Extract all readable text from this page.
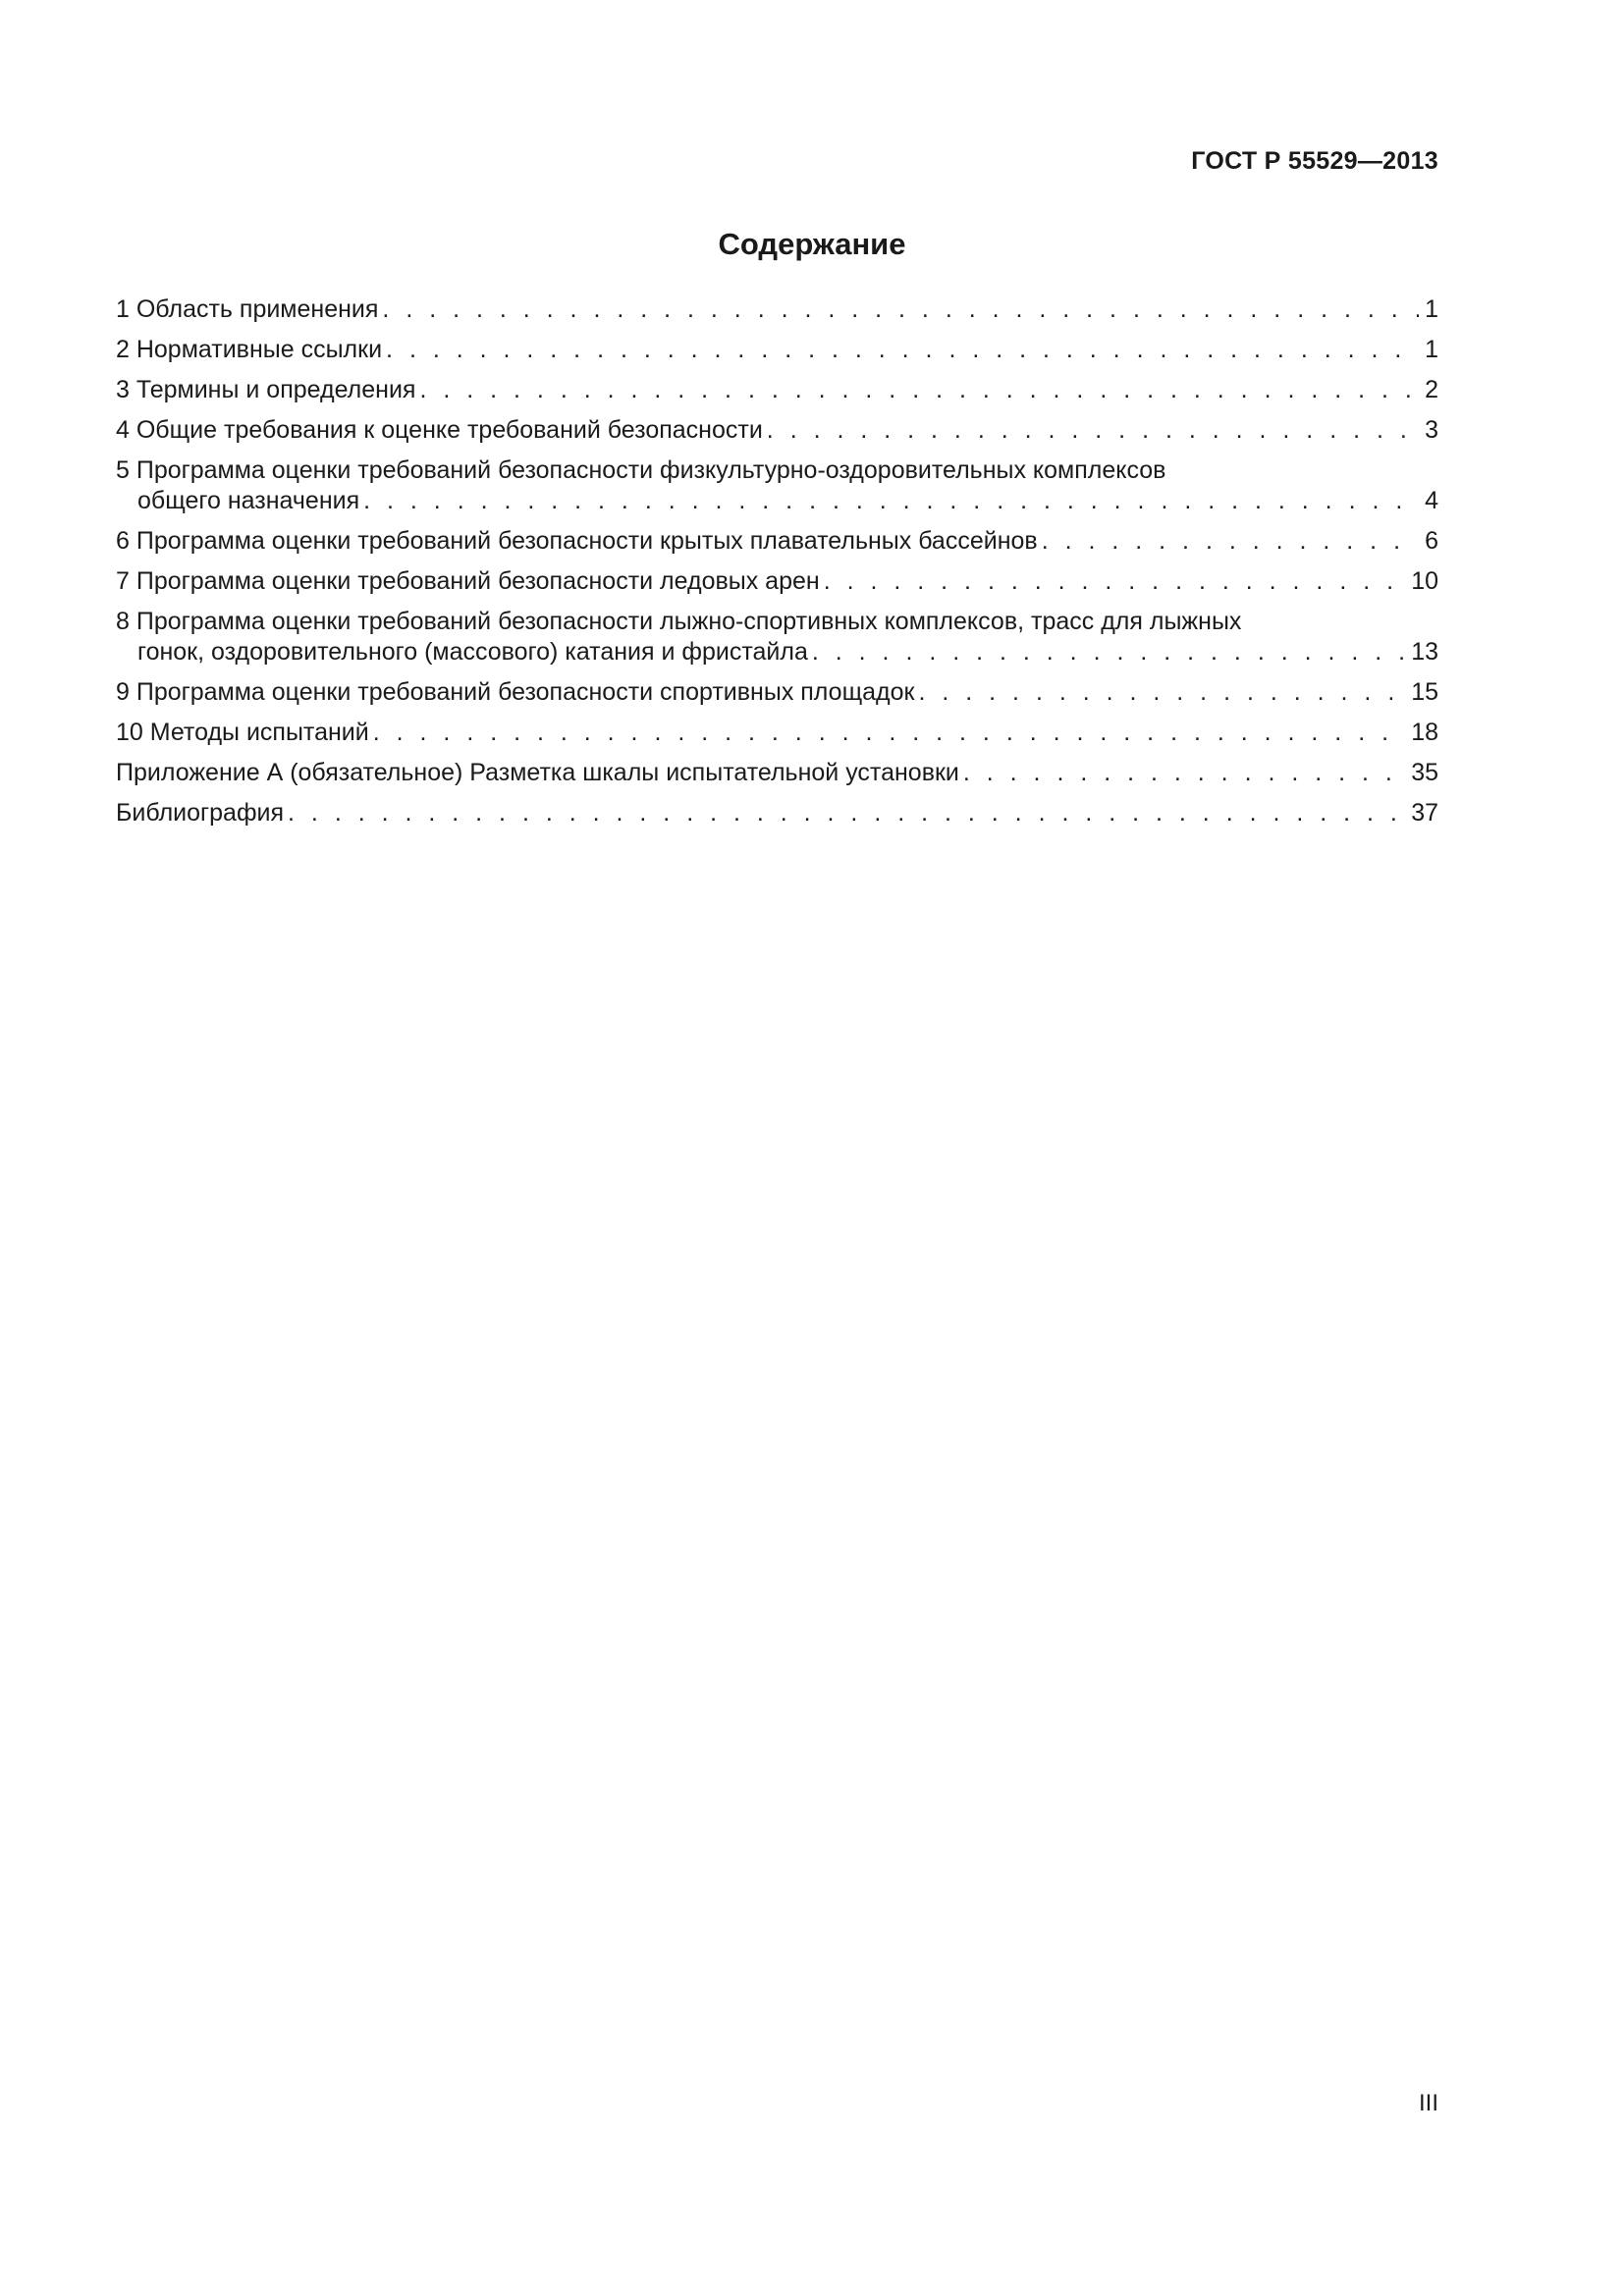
ГОСТ Р 55529—2013
Содержание
1 Область применения . . .	1
2 Нормативные ссылки . . .	1
3 Термины и определения . . .	2
4 Общие требования к оценке требований безопасности . . .	3
5 Программа оценки требований безопасности физкультурно-оздоровительных комплексов
общего назначения . . .	4
6 Программа оценки требований безопасности крытых плавательных бассейнов . . .	6
7 Программа оценки требований безопасности ледовых арен . . .	10
8 Программа оценки требований безопасности лыжно-спортивных комплексов, трасс для лыжных
гонок, оздоровительного (массового) катания и фристайла . . .	13
9 Программа оценки требований безопасности спортивных площадок . . .	15
10 Методы испытаний . . .	18
Приложение А (обязательное) Разметка шкалы испытательной установки . . .	35
Библиография . . .	37
III
